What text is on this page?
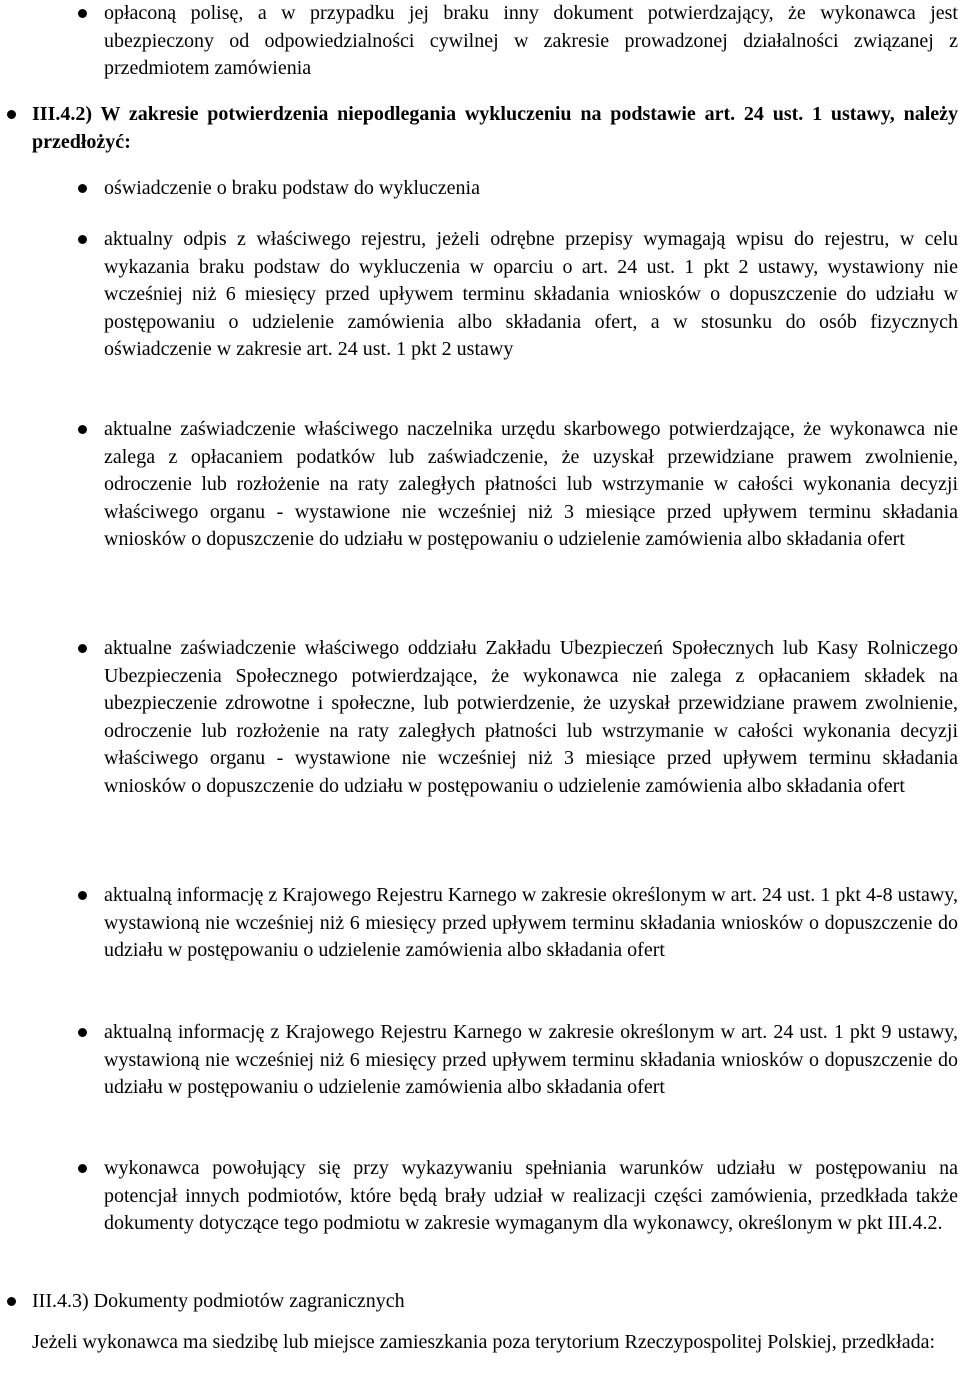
opłaconą polisę, a w przypadku jej braku inny dokument potwierdzający, że wykonawca jest ubezpieczony od odpowiedzialności cywilnej w zakresie prowadzonej działalności związanej z przedmiotem zamówienia
III.4.2) W zakresie potwierdzenia niepodlegania wykluczeniu na podstawie art. 24 ust. 1 ustawy, należy przedłożyć:
oświadczenie o braku podstaw do wykluczenia
aktualny odpis z właściwego rejestru, jeżeli odrębne przepisy wymagają wpisu do rejestru, w celu wykazania braku podstaw do wykluczenia w oparciu o art. 24 ust. 1 pkt 2 ustawy, wystawiony nie wcześniej niż 6 miesięcy przed upływem terminu składania wniosków o dopuszczenie do udziału w postępowaniu o udzielenie zamówienia albo składania ofert, a w stosunku do osób fizycznych oświadczenie w zakresie art. 24 ust. 1 pkt 2 ustawy
aktualne zaświadczenie właściwego naczelnika urzędu skarbowego potwierdzające, że wykonawca nie zalega z opłacaniem podatków lub zaświadczenie, że uzyskał przewidziane prawem zwolnienie, odroczenie lub rozłożenie na raty zaległych płatności lub wstrzymanie w całości wykonania decyzji właściwego organu - wystawione nie wcześniej niż 3 miesiące przed upływem terminu składania wniosków o dopuszczenie do udziału w postępowaniu o udzielenie zamówienia albo składania ofert
aktualne zaświadczenie właściwego oddziału Zakładu Ubezpieczeń Społecznych lub Kasy Rolniczego Ubezpieczenia Społecznego potwierdzające, że wykonawca nie zalega z opłacaniem składek na ubezpieczenie zdrowotne i społeczne, lub potwierdzenie, że uzyskał przewidziane prawem zwolnienie, odroczenie lub rozłożenie na raty zaległych płatności lub wstrzymanie w całości wykonania decyzji właściwego organu - wystawione nie wcześniej niż 3 miesiące przed upływem terminu składania wniosków o dopuszczenie do udziału w postępowaniu o udzielenie zamówienia albo składania ofert
aktualną informację z Krajowego Rejestru Karnego w zakresie określonym w art. 24 ust. 1 pkt 4-8 ustawy, wystawioną nie wcześniej niż 6 miesięcy przed upływem terminu składania wniosków o dopuszczenie do udziału w postępowaniu o udzielenie zamówienia albo składania ofert
aktualną informację z Krajowego Rejestru Karnego w zakresie określonym w art. 24 ust. 1 pkt 9 ustawy, wystawioną nie wcześniej niż 6 miesięcy przed upływem terminu składania wniosków o dopuszczenie do udziału w postępowaniu o udzielenie zamówienia albo składania ofert
wykonawca powołujący się przy wykazywaniu spełniania warunków udziału w postępowaniu na potencjał innych podmiotów, które będą brały udział w realizacji części zamówienia, przedkłada także dokumenty dotyczące tego podmiotu w zakresie wymaganym dla wykonawcy, określonym w pkt III.4.2.
III.4.3) Dokumenty podmiotów zagranicznych
Jeżeli wykonawca ma siedzibę lub miejsce zamieszkania poza terytorium Rzeczypospolitej Polskiej, przedkłada:
